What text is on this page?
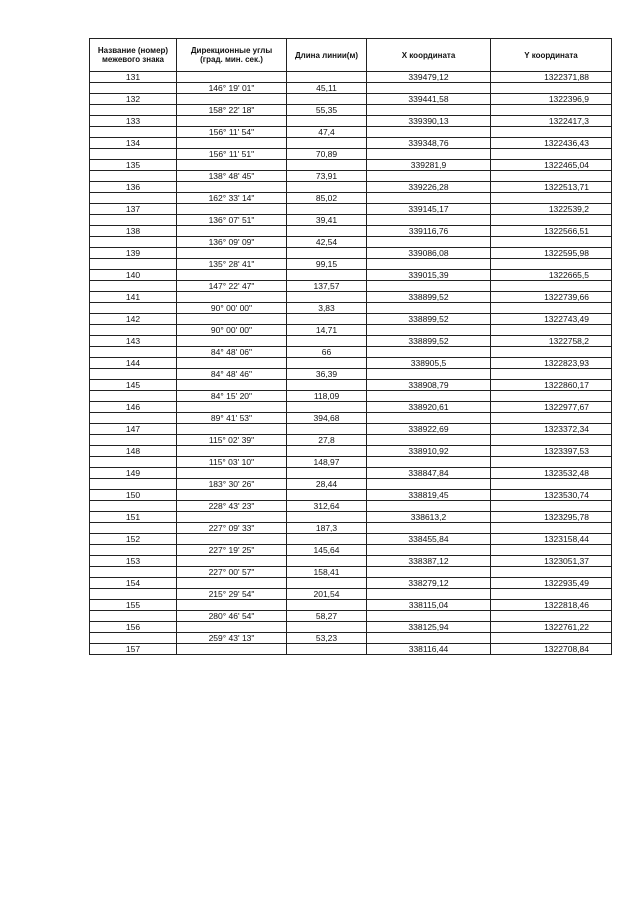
Название (номер) межевого знака	Дирекционные углы (град. мин. сек.)	Длина линии(м)	X координата	Y координата
131			339479,12	1322371,88
	146° 19' 01"	45,11		
132			339441,58	1322396,9
	158° 22' 18"	55,35		
133			339390,13	1322417,3
	156° 11' 54"	47,4		
134			339348,76	1322436,43
	156° 11' 51"	70,89		
135			339281,9	1322465,04
	138° 48' 45"	73,91		
136			339226,28	1322513,71
	162° 33' 14"	85,02		
137			339145,17	1322539,2
	136° 07' 51"	39,41		
138			339116,76	1322566,51
	136° 09' 09"	42,54		
139			339086,08	1322595,98
	135° 28' 41"	99,15		
140			339015,39	1322665,5
	147° 22' 47"	137,57		
141			338899,52	1322739,66
	90° 00' 00"	3,83		
142			338899,52	1322743,49
	90° 00' 00"	14,71		
143			338899,52	1322758,2
	84° 48' 06"	66		
144			338905,5	1322823,93
	84° 48' 46"	36,39		
145			338908,79	1322860,17
	84° 15' 20"	118,09		
146			338920,61	1322977,67
	89° 41' 53"	394,68		
147			338922,69	1323372,34
	115° 02' 39"	27,8		
148			338910,92	1323397,53
	115° 03' 10"	148,97		
149			338847,84	1323532,48
	183° 30' 26"	28,44		
150			338819,45	1323530,74
	228° 43' 23"	312,64		
151			338613,2	1323295,78
	227° 09' 33"	187,3		
152			338455,84	1323158,44
	227° 19' 25"	145,64		
153			338387,12	1323051,37
	227° 00' 57"	158,41		
154			338279,12	1322935,49
	215° 29' 54"	201,54		
155			338115,04	1322818,46
	280° 46' 54"	58,27		
156			338125,94	1322761,22
	259° 43' 13"	53,23		
157			338116,44	1322708,84
